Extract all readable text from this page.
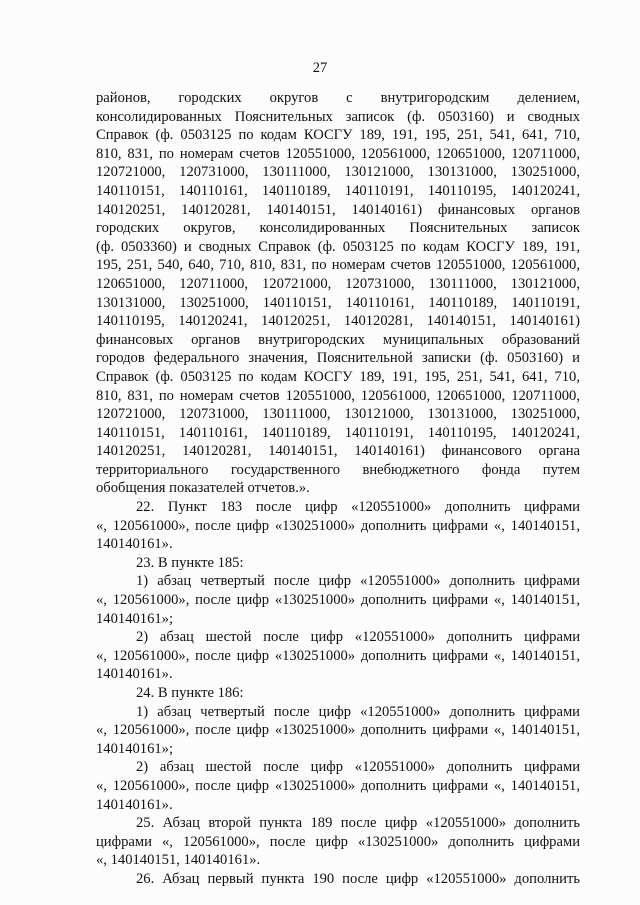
27
районов, городских округов с внутригородским делением,
консолидированных Пояснительных записок (ф. 0503160) и сводных
Справок (ф. 0503125 по кодам КОСГУ 189, 191, 195, 251, 541, 641, 710,
810, 831, по номерам счетов 120551000, 120561000, 120651000, 120711000,
120721000, 120731000, 130111000, 130121000, 130131000, 130251000,
140110151, 140110161, 140110189, 140110191, 140110195, 140120241,
140120251, 140120281, 140140151, 140140161) финансовых органов
городских округов, консолидированных Пояснительных записок
(ф. 0503360) и сводных Справок (ф. 0503125 по кодам КОСГУ 189, 191,
195, 251, 540, 640, 710, 810, 831, по номерам счетов 120551000, 120561000,
120651000, 120711000, 120721000, 120731000, 130111000, 130121000,
130131000, 130251000, 140110151, 140110161, 140110189, 140110191,
140110195, 140120241, 140120251, 140120281, 140140151, 140140161)
финансовых органов внутригородских муниципальных образований
городов федерального значения, Пояснительной записки (ф. 0503160) и
Справок (ф. 0503125 по кодам КОСГУ 189, 191, 195, 251, 541, 641, 710,
810, 831, по номерам счетов 120551000, 120561000, 120651000, 120711000,
120721000, 120731000, 130111000, 130121000, 130131000, 130251000,
140110151, 140110161, 140110189, 140110191, 140110195, 140120241,
140120251, 140120281, 140140151, 140140161) финансового органа
территориального государственного внебюджетного фонда путем
обобщения показателей отчетов.».
22. Пункт 183 после цифр «120551000» дополнить цифрами
«, 120561000», после цифр «130251000» дополнить цифрами «, 140140151,
140140161».
23. В пункте 185:
1) абзац четвертый после цифр «120551000» дополнить цифрами
«, 120561000», после цифр «130251000» дополнить цифрами «, 140140151,
140140161»;
2) абзац шестой после цифр «120551000» дополнить цифрами
«, 120561000», после цифр «130251000» дополнить цифрами «, 140140151,
140140161».
24. В пункте 186:
1) абзац четвертый после цифр «120551000» дополнить цифрами
«, 120561000», после цифр «130251000» дополнить цифрами «, 140140151,
140140161»;
2) абзац шестой после цифр «120551000» дополнить цифрами
«, 120561000», после цифр «130251000» дополнить цифрами «, 140140151,
140140161».
25. Абзац второй пункта 189 после цифр «120551000» дополнить
цифрами «, 120561000», после цифр «130251000» дополнить цифрами
«, 140140151, 140140161».
26. Абзац первый пункта 190 после цифр «120551000» дополнить
